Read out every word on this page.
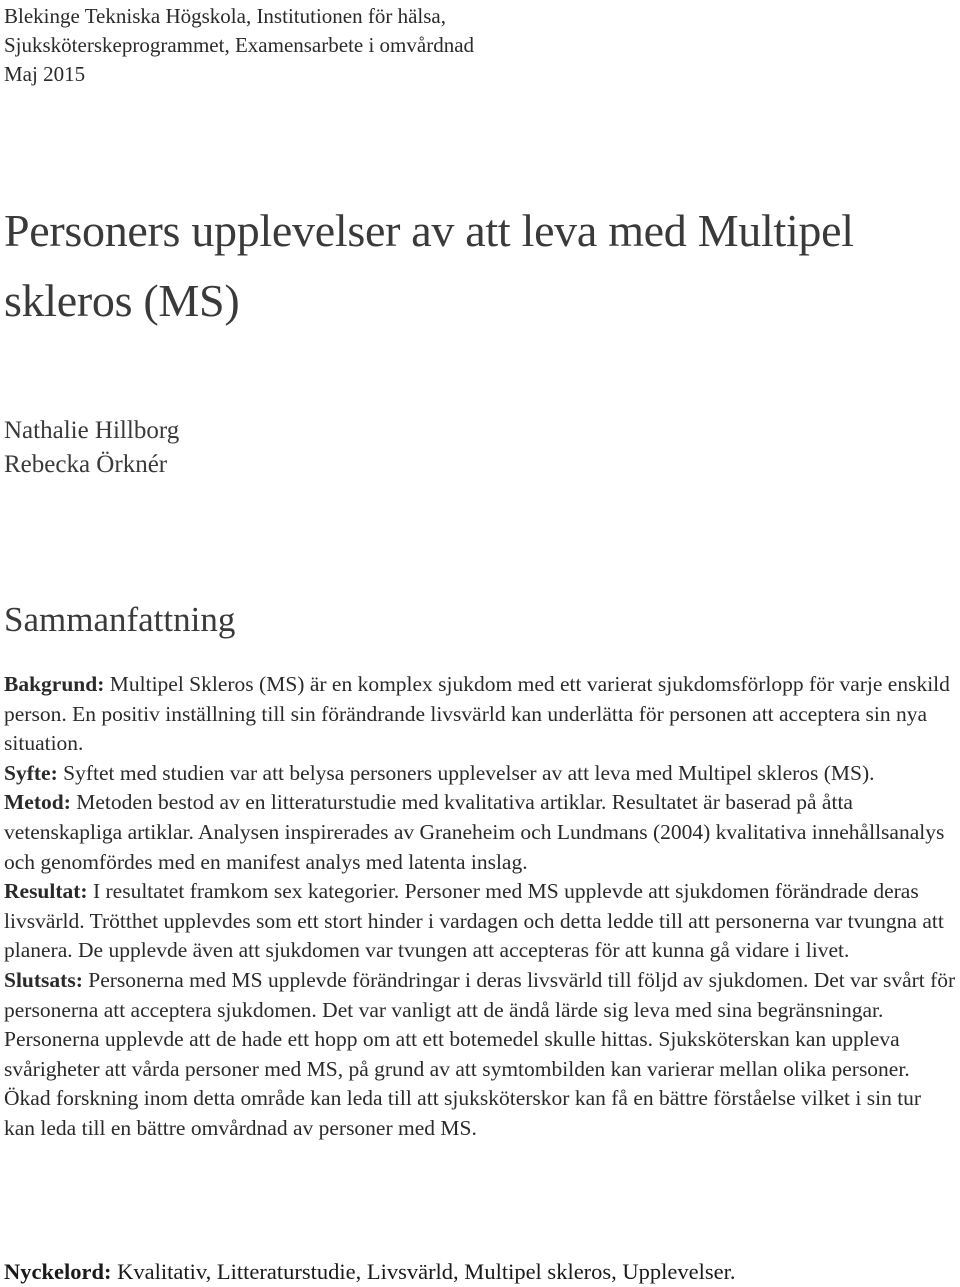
Blekinge Tekniska Högskola, Institutionen för hälsa,
Sjuksköterskeprogrammet, Examensarbete i omvårdnad
Maj 2015
Personers upplevelser av att leva med Multipel
skleros (MS)
Nathalie Hillborg
Rebecka Örknér
Sammanfattning

Bakgrund: Multipel Skleros (MS) är en komplex sjukdom med ett varierat sjukdomsförlopp för varje enskild person. En positiv inställning till sin förändrande livsvärld kan underlätta för personen att acceptera sin nya situation.

Syfte: Syftet med studien var att belysa personers upplevelser av att leva med Multipel skleros (MS).

Metod: Metoden bestod av en litteraturstudie med kvalitativa artiklar. Resultatet är baserad på åtta vetenskapliga artiklar. Analysen inspirerades av Graneheim och Lundmans (2004) kvalitativa innehållsanalys och genomfördes med en manifest analys med latenta inslag.

Resultat: I resultatet framkom sex kategorier. Personer med MS upplevde att sjukdomen förändrade deras livsvärld. Trötthet upplevdes som ett stort hinder i vardagen och detta ledde till att personerna var tvungna att planera. De upplevde även att sjukdomen var tvungen att accepteras för att kunna gå vidare i livet.

Slutsats: Personerna med MS upplevde förändringar i deras livsvärld till följd av sjukdomen. Det var svårt för personerna att acceptera sjukdomen. Det var vanligt att de ändå lärde sig leva med sina begränsningar. Personerna upplevde att de hade ett hopp om att ett botemedel skulle hittas. Sjuksköterskan kan uppleva svårigheter att vårda personer med MS, på grund av att symtombilden kan varierar mellan olika personer. Ökad forskning inom detta område kan leda till att sjuksköterskor kan få en bättre förståelse vilket i sin tur kan leda till en bättre omvårdnad av personer med MS.

Nyckelord: Kvalitativ, Litteraturstudie, Livsvärld, Multipel skleros, Upplevelser.
